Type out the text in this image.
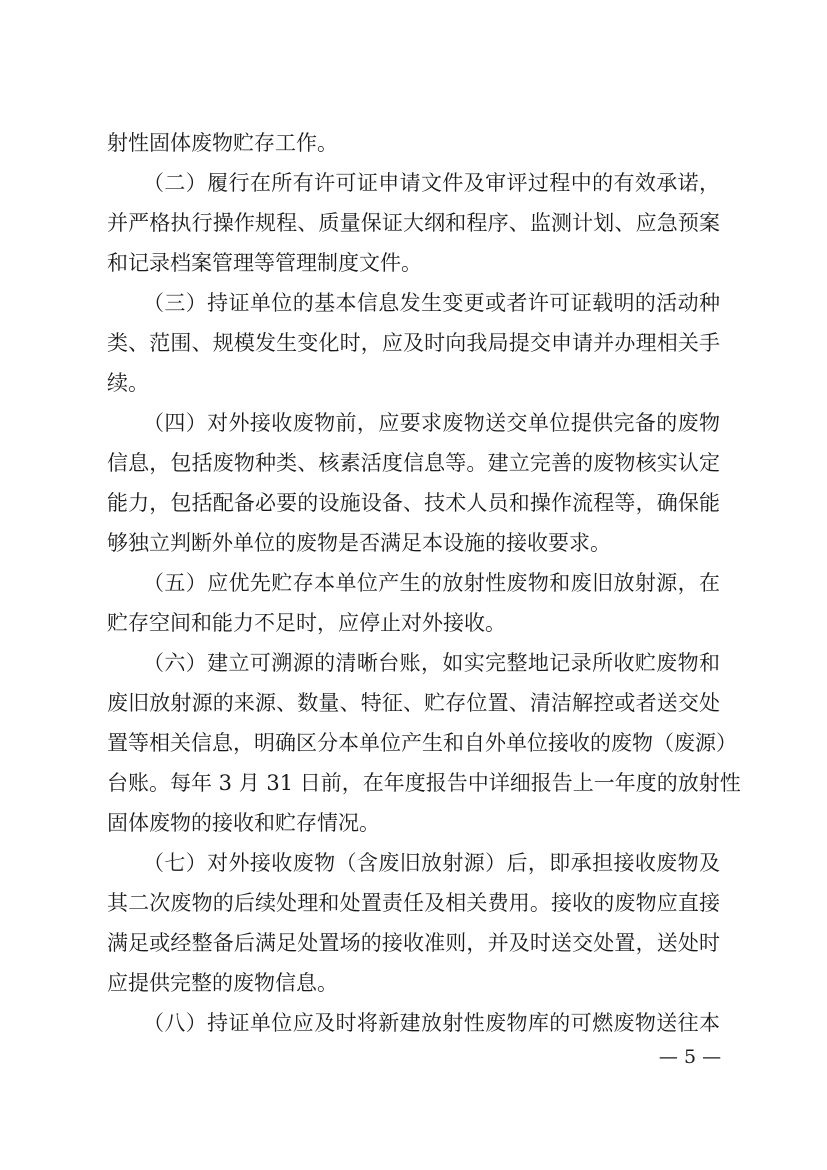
射性固体废物贮存工作。
（二）履行在所有许可证申请文件及审评过程中的有效承诺，
并严格执行操作规程、质量保证大纲和程序、监测计划、应急预案
和记录档案管理等管理制度文件。
（三）持证单位的基本信息发生变更或者许可证载明的活动种
类、范围、规模发生变化时，应及时向我局提交申请并办理相关手
续。
（四）对外接收废物前，应要求废物送交单位提供完备的废物
信息，包括废物种类、核素活度信息等。建立完善的废物核实认定
能力，包括配备必要的设施设备、技术人员和操作流程等，确保能
够独立判断外单位的废物是否满足本设施的接收要求。
（五）应优先贮存本单位产生的放射性废物和废旧放射源，在
贮存空间和能力不足时，应停止对外接收。
（六）建立可溯源的清晰台账，如实完整地记录所收贮废物和
废旧放射源的来源、数量、特征、贮存位置、清洁解控或者送交处
置等相关信息，明确区分本单位产生和自外单位接收的废物（废源）
台账。每年 3 月 31 日前，在年度报告中详细报告上一年度的放射性
固体废物的接收和贮存情况。
（七）对外接收废物（含废旧放射源）后，即承担接收废物及
其二次废物的后续处理和处置责任及相关费用。接收的废物应直接
满足或经整备后满足处置场的接收准则，并及时送交处置，送处时
应提供完整的废物信息。
（八）持证单位应及时将新建放射性废物库的可燃废物送往本
— 5 —
